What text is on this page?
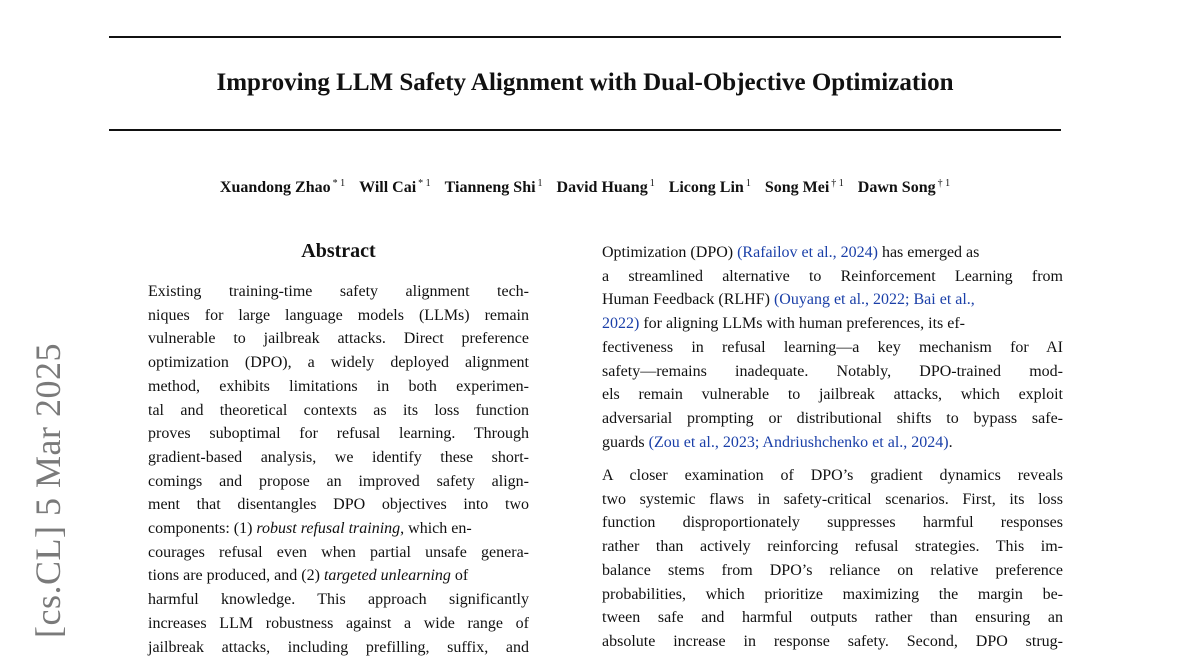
Improving LLM Safety Alignment with Dual-Objective Optimization
Xuandong Zhao $^{* 1}$ Will Cai $^{* 1}$ Tianneng Shi $^1$ David Huang $^1$ Licong Lin $^1$ Song Mei $^{\dagger 1}$ Dawn Song $^{\dagger 1}$
[cs.CL] 5 Mar 2025
Abstract
Existing training-time safety alignment tech-
niques for large language models (LLMs) remain
vulnerable to jailbreak attacks. Direct preference
optimization (DPO), a widely deployed alignment
method, exhibits limitations in both experimen-
tal and theoretical contexts as its loss function
proves suboptimal for refusal learning. Through
gradient-based analysis, we identify these short-
comings and propose an improved safety align-
ment that disentangles DPO objectives into two
components: (1) robust refusal training, which en-
courages refusal even when partial unsafe genera-
tions are produced, and (2) targeted unlearning of
harmful knowledge. This approach significantly
increases LLM robustness against a wide range of
jailbreak attacks, including prefilling, suffix, and
Optimization (DPO) (Rafailov et al., 2024) has emerged as
a streamlined alternative to Reinforcement Learning from
Human Feedback (RLHF) (Ouyang et al., 2022; Bai et al.,
2022) for aligning LLMs with human preferences, its ef-
fectiveness in refusal learning—a key mechanism for AI
safety—remains inadequate. Notably, DPO-trained mod-
els remain vulnerable to jailbreak attacks, which exploit
adversarial prompting or distributional shifts to bypass safe-
guards (Zou et al., 2023; Andriushchenko et al., 2024).
A closer examination of DPO’s gradient dynamics reveals
two systemic flaws in safety-critical scenarios. First, its loss
function disproportionately suppresses harmful responses
rather than actively reinforcing refusal strategies. This im-
balance stems from DPO’s reliance on relative preference
probabilities, which prioritize maximizing the margin be-
tween safe and harmful outputs rather than ensuring an
absolute increase in response safety. Second, DPO strug-
